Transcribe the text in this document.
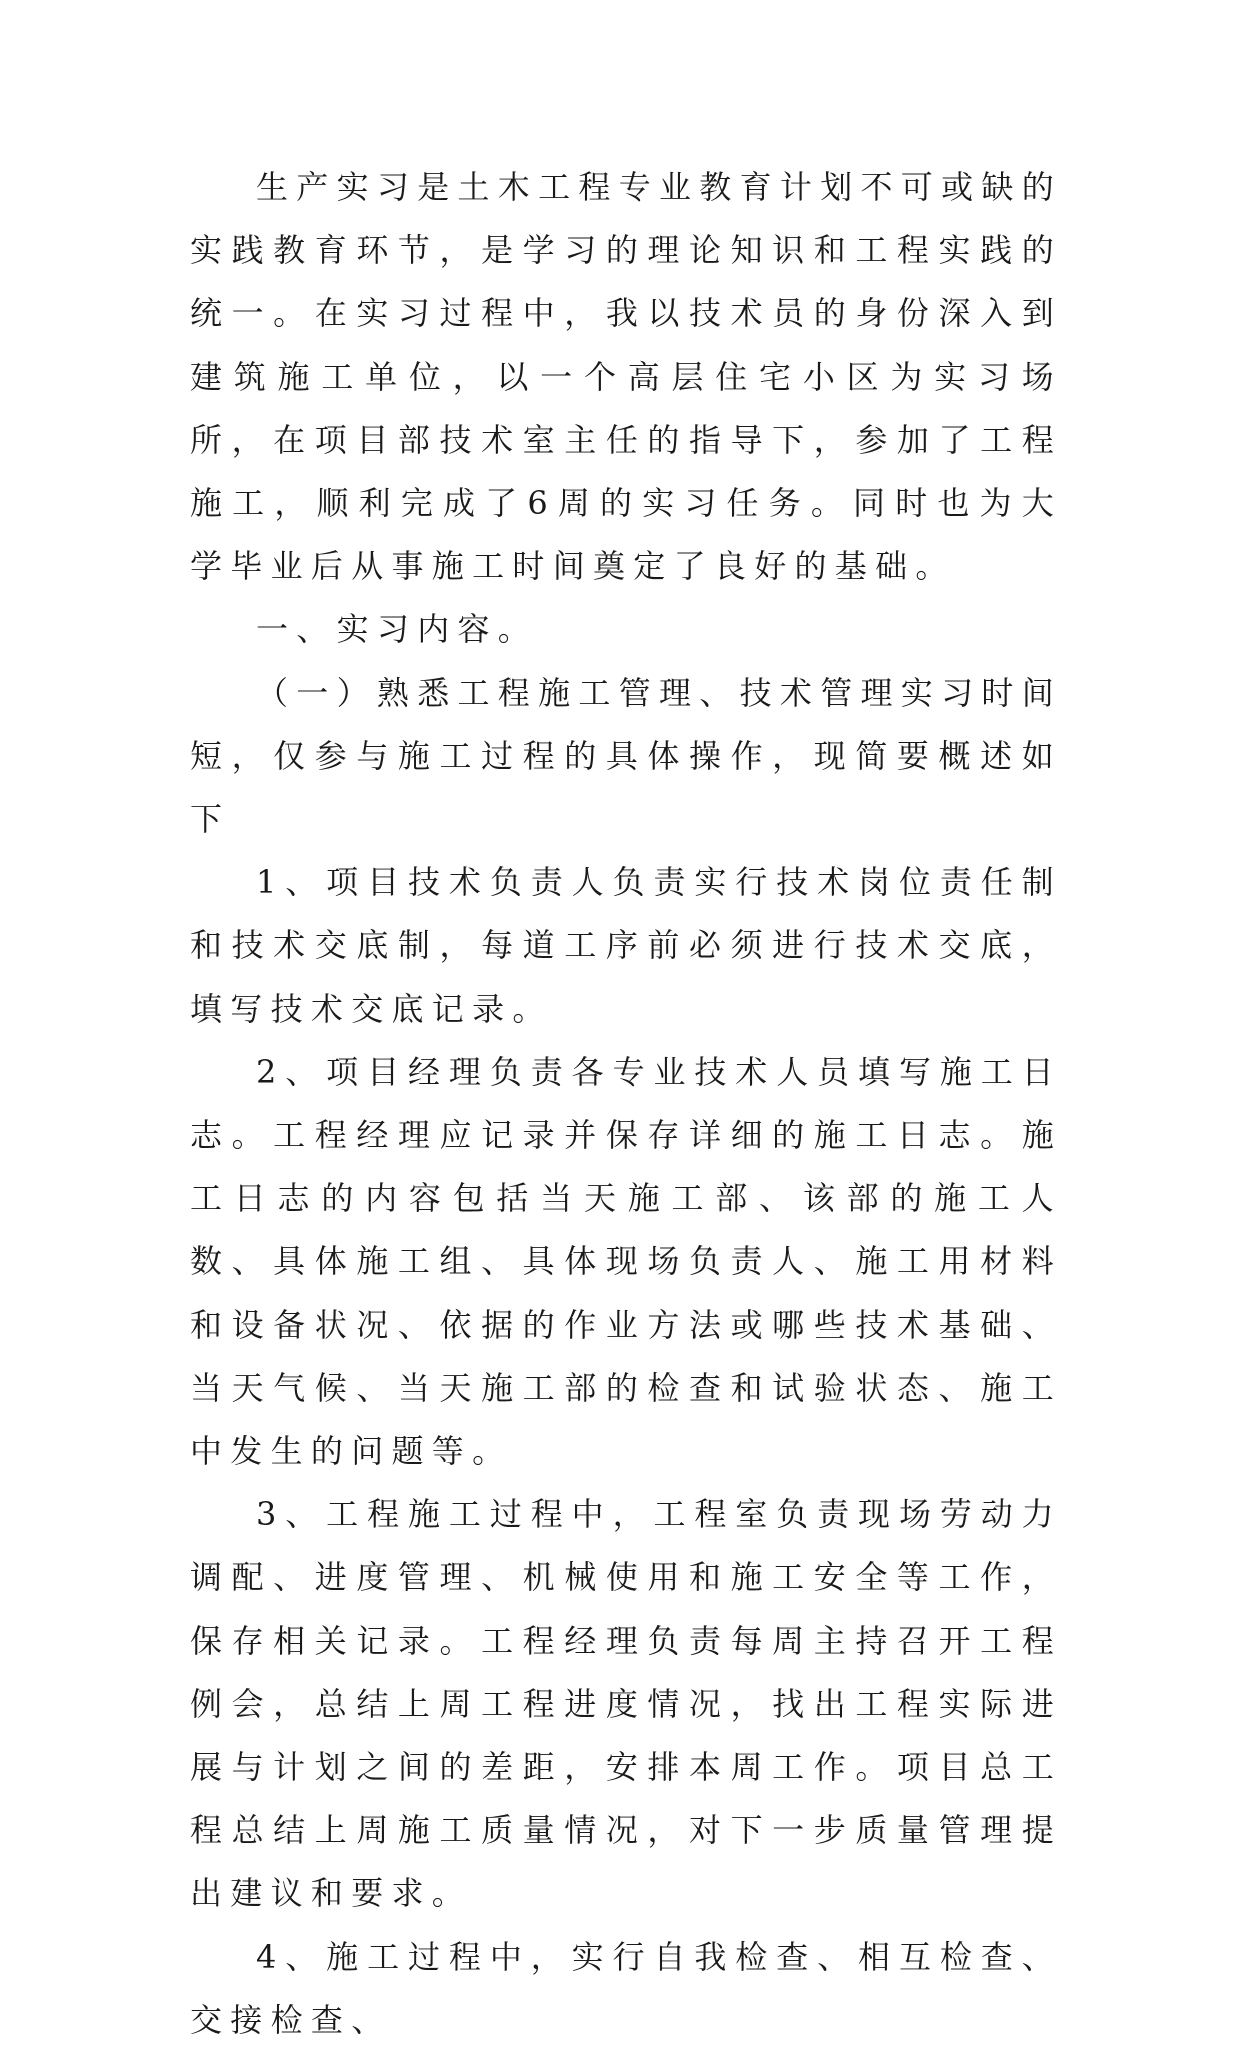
生产实习是土木工程专业教育计划不可或缺的实践教育环节，是学习的理论知识和工程实践的统一。在实习过程中，我以技术员的身份深入到建筑施工单位，以一个高层住宅小区为实习场所，在项目部技术室主任的指导下，参加了工程施工，顺利完成了6周的实习任务。同时也为大学毕业后从事施工时间奠定了良好的基础。

一、实习内容。

（一）熟悉工程施工管理、技术管理实习时间短，仅参与施工过程的具体操作，现简要概述如下

1、项目技术负责人负责实行技术岗位责任制和技术交底制，每道工序前必须进行技术交底，填写技术交底记录。

2、项目经理负责各专业技术人员填写施工日志。工程经理应记录并保存详细的施工日志。施工日志的内容包括当天施工部、该部的施工人数、具体施工组、具体现场负责人、施工用材料和设备状况、依据的作业方法或哪些技术基础、当天气候、当天施工部的检查和试验状态、施工中发生的问题等。

3、工程施工过程中，工程室负责现场劳动力调配、进度管理、机械使用和施工安全等工作，保存相关记录。工程经理负责每周主持召开工程例会，总结上周工程进度情况，找出工程实际进展与计划之间的差距，安排本周工作。项目总工程总结上周施工质量情况，对下一步质量管理提出建议和要求。

4、施工过程中，实行自我检查、相互检查、交接检查、
